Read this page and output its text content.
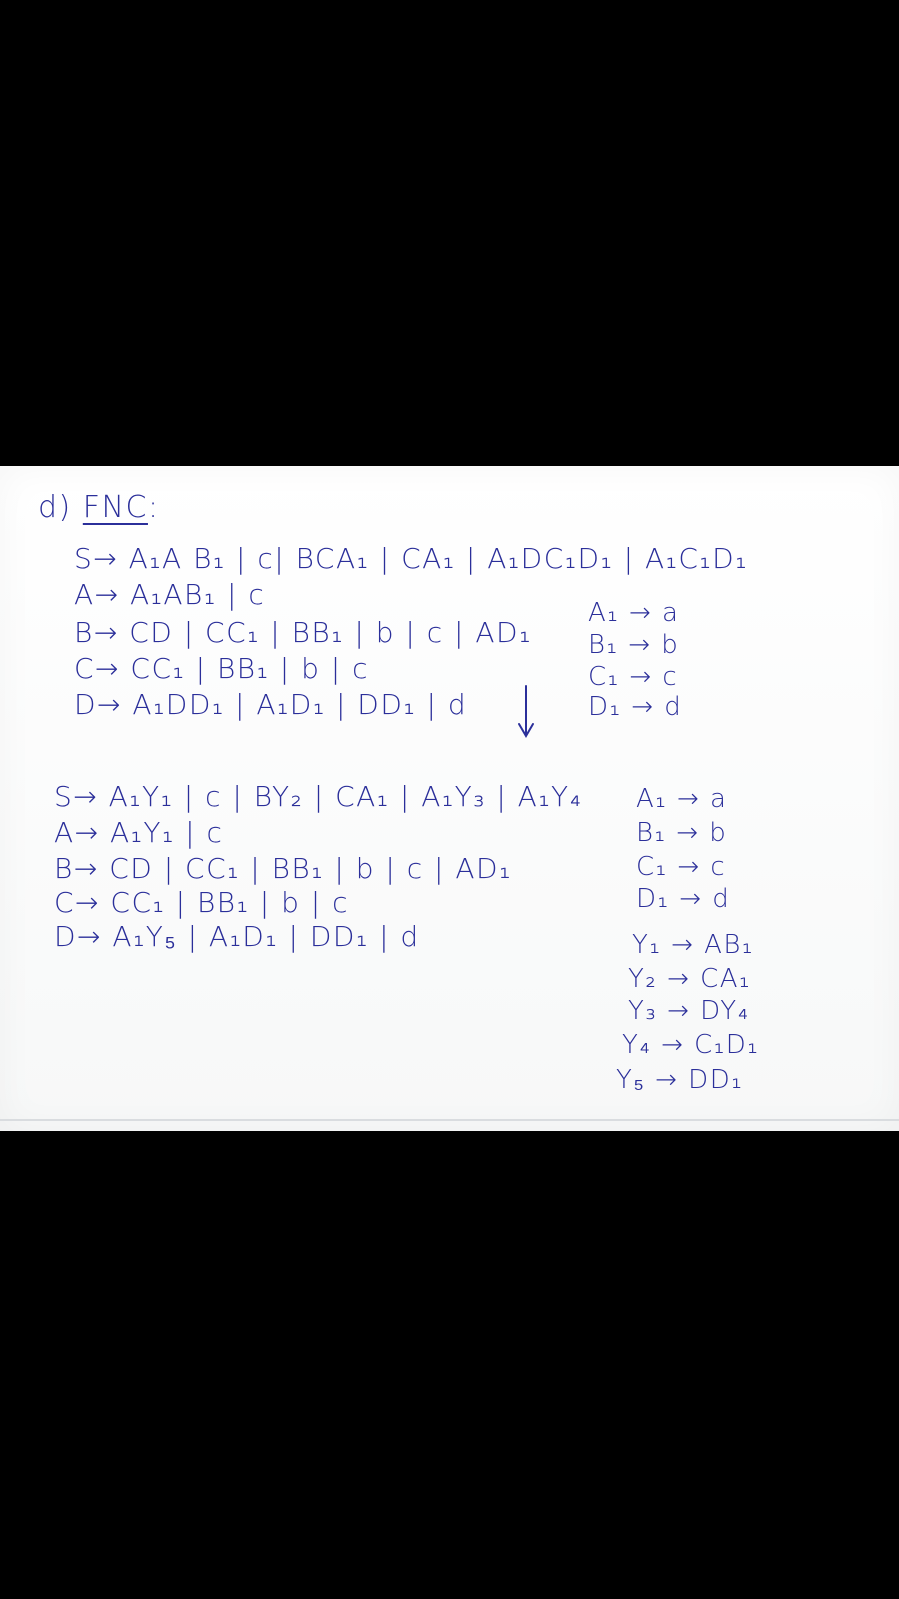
d) FNC:
S→ A₁A B₁ | c| BCA₁ | CA₁ | A₁DC₁D₁ | A₁C₁D₁
A→ A₁AB₁ | c
B→ CD | CC₁ | BB₁ | b | c | AD₁
C→ CC₁ | BB₁ | b | c
D→ A₁DD₁ | A₁D₁ | DD₁ | d
A₁ → a
B₁ → b
C₁ → c
D₁ → d
S→ A₁Y₁ | c | BY₂ | CA₁ | A₁Y₃ | A₁Y₄
A→ A₁Y₁ | c
B→ CD | CC₁ | BB₁ | b | c | AD₁
C→ CC₁ | BB₁ | b | c
D→ A₁Y₅ | A₁D₁ | DD₁ | d
A₁ → a
B₁ → b
C₁ → c
D₁ → d
Y₁ → AB₁
Y₂ → CA₁
Y₃ → DY₄
Y₄ → C₁D₁
Y₅ → DD₁
